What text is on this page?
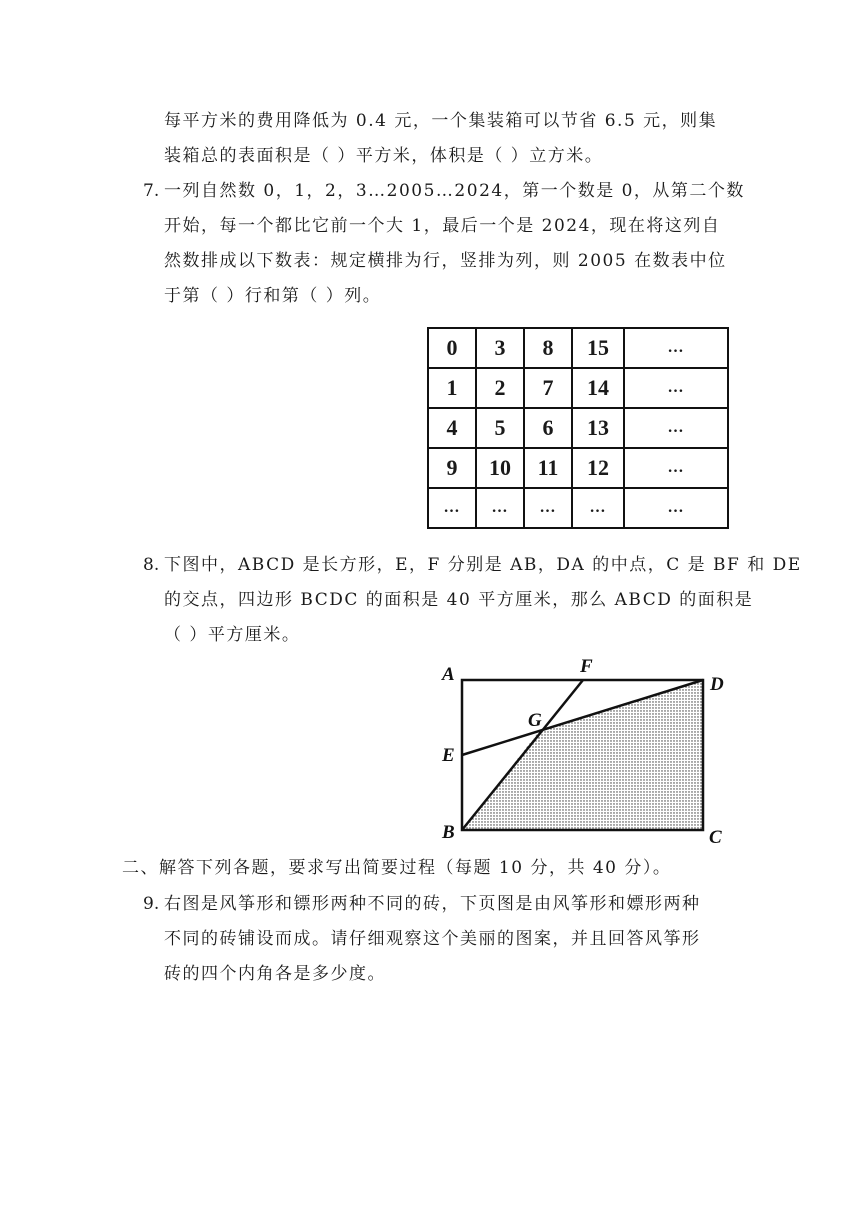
每平方米的费用降低为 0.4 元，一个集装箱可以节省 6.5 元，则集
装箱总的表面积是（ ）平方米，体积是（ ）立方米。
7. 一列自然数 0，1，2，3…2005…2024，第一个数是 0，从第二个数
开始，每一个都比它前一个大 1，最后一个是 2024，现在将这列自
然数排成以下数表：规定横排为行，竖排为列，则 2005 在数表中位
于第（ ）行和第（ ）列。
0	3	8	15	…
1	2	7	14	…
4	5	6	13	…
9	10	11	12	…
…	…	…	…	…
8. 下图中，ABCD 是长方形，E，F 分别是 AB，DA 的中点，C 是 BF 和 DE
的交点，四边形 BCDC 的面积是 40 平方厘米，那么 ABCD 的面积是
（ ）平方厘米。
A	F
D
G
E
B	C
二、解答下列各题，要求写出简要过程（每题 10 分，共 40 分）。
9. 右图是风筝形和镖形两种不同的砖，下页图是由风筝形和嫖形两种
不同的砖铺设而成。请仔细观察这个美丽的图案，并且回答风筝形
砖的四个内角各是多少度。
